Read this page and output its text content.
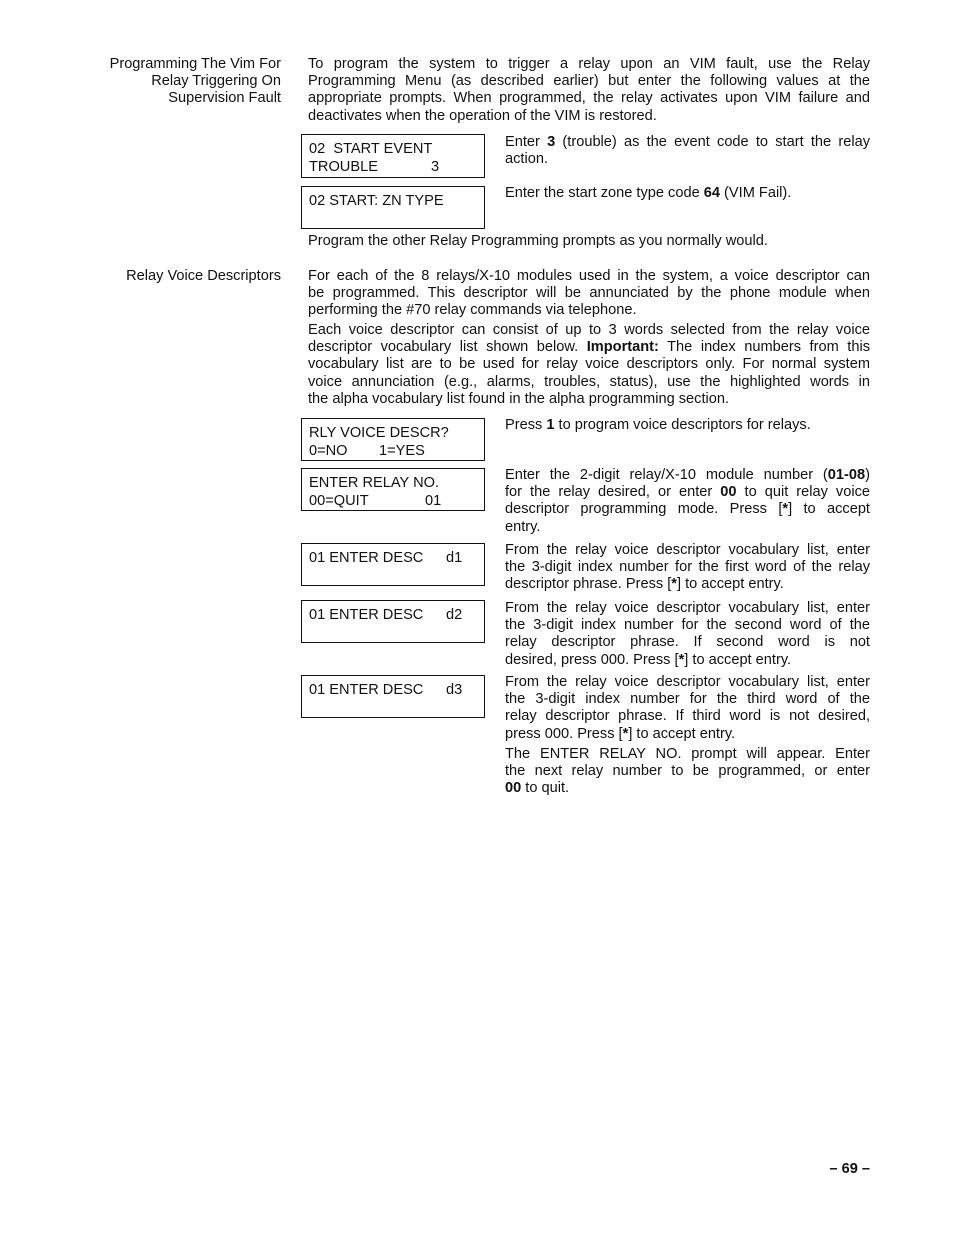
Programming The Vim For
Relay Triggering On
Supervision Fault
To program the system to trigger a relay upon an VIM fault, use the Relay
Programming Menu (as described earlier) but enter the following values at the
appropriate prompts. When programmed, the relay activates upon VIM failure and
deactivates when the operation of the VIM is restored.
02  START EVENT

TROUBLE

	3

Enter 3 (trouble) as the event code to start the relay
action.
02 START: ZN TYPE	Enter the start zone type code 64 (VIM Fail).
Program the other Relay Programming prompts as you normally would.
Relay Voice Descriptors For each of the 8 relays/X-10 modules used in the system, a voice descriptor can
be programmed. This descriptor will be annunciated by the phone module when
performing the #70 relay commands via telephone.
Each voice descriptor can consist of up to 3 words selected from the relay voice
descriptor vocabulary list shown below. Important: The index numbers from this
vocabulary list are to be used for relay voice descriptors only. For normal system
voice annunciation (e.g., alarms, troubles, status), use the highlighted words in
the alpha vocabulary list found in the alpha programming section.
RLY VOICE DESCR?

0=NO

1=YES

Press 1 to program voice descriptors for relays.
ENTER RELAY NO.

00=QUIT

	01

Enter the 2-digit relay/X-10 module number (01-08)
for the relay desired, or enter 00 to quit relay voice
descriptor programming mode. Press [*] to accept
entry.

01 ENTER DESC

d1

	From the relay voice descriptor vocabulary list, enter
the 3-digit index number for the first word of the relay
descriptor phrase. Press [*] to accept entry.

01 ENTER DESC

d2

	From the relay voice descriptor vocabulary list, enter
the 3-digit index number for the second word of the
relay descriptor phrase. If second word is not
desired, press 000. Press [*] to accept entry.

01 ENTER DESC

d3

	From the relay voice descriptor vocabulary list, enter
the 3-digit index number for the third word of the
relay descriptor phrase. If third word is not desired,
press 000. Press [*] to accept entry.
The ENTER RELAY NO. prompt will appear. Enter
the next relay number to be programmed, or enter
00 to quit.
– 69 –
